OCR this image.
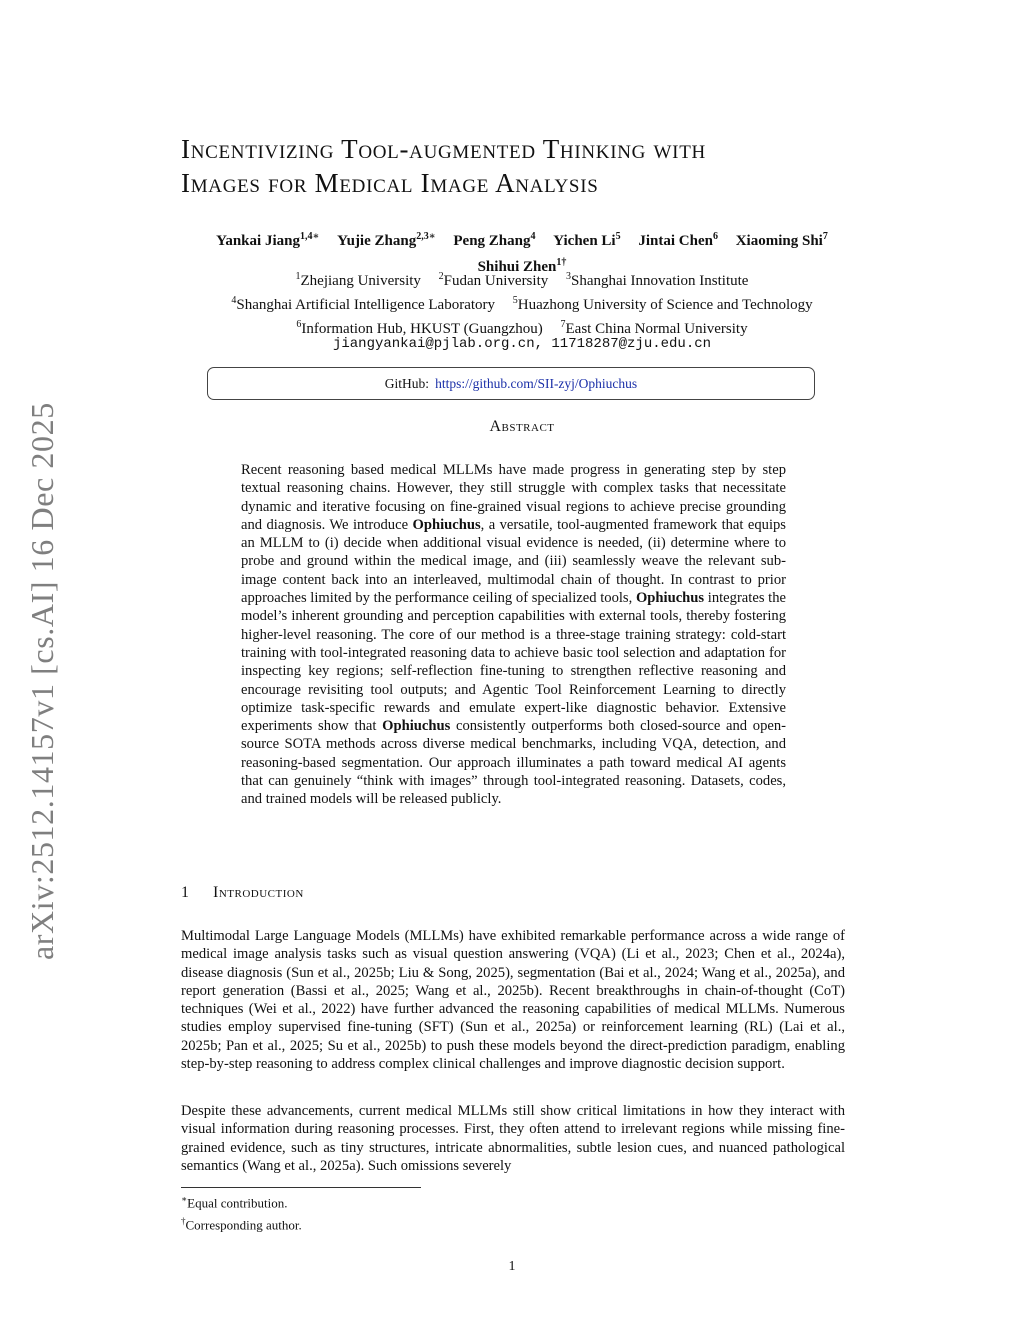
arXiv:2512.14157v1 [cs.AI] 16 Dec 2025
Incentivizing Tool-augmented Thinking with
Images for Medical Image Analysis
Yankai Jiang$^{1,4∗}$ Yujie Zhang$^{2,3∗}$ Peng Zhang$^4$ Yichen Li$^5$ Jintai Chen$^6$ Xiaoming Shi$^7$
Shihui Zhen$^{1\dagger}$
$^1$Zhejiang University $^2$Fudan University $^3$Shanghai Innovation Institute
$^4$Shanghai Artificial Intelligence Laboratory $^5$Huazhong University of Science and Technology
$^6$Information Hub, HKUST (Guangzhou) $^7$East China Normal University
jiangyankai@pjlab.org.cn, 11718287@zju.edu.cn
GitHub: https://github.com/SII-zyj/Ophiuchus
Abstract
Recent reasoning based medical MLLMs have made progress in generating step by step textual reasoning chains. However, they still struggle with complex tasks that necessitate dynamic and iterative focusing on fine-grained visual regions to achieve precise grounding and diagnosis. We introduce Ophiuchus, a versatile, tool-augmented framework that equips an MLLM to (i) decide when additional visual evidence is needed, (ii) determine where to probe and ground within the medical image, and (iii) seamlessly weave the relevant sub-image content back into an interleaved, multimodal chain of thought. In contrast to prior approaches limited by the performance ceiling of specialized tools, Ophiuchus integrates the model’s inherent grounding and perception capabilities with external tools, thereby fostering higher-level reasoning. The core of our method is a three-stage training strategy: cold-start training with tool-integrated reasoning data to achieve basic tool selection and adaptation for inspecting key regions; self-reflection fine-tuning to strengthen reflective reasoning and encourage revisiting tool outputs; and Agentic Tool Reinforcement Learning to directly optimize task-specific rewards and emulate expert-like diagnostic behavior. Extensive experiments show that Ophiuchus consistently outperforms both closed-source and open-source SOTA methods across diverse medical benchmarks, including VQA, detection, and reasoning-based segmentation. Our approach illuminates a path toward medical AI agents that can genuinely “think with images” through tool-integrated reasoning. Datasets, codes, and trained models will be released publicly.
1 Introduction
Multimodal Large Language Models (MLLMs) have exhibited remarkable performance across a wide range of medical image analysis tasks such as visual question answering (VQA) (Li et al., 2023; Chen et al., 2024a), disease diagnosis (Sun et al., 2025b; Liu & Song, 2025), segmentation (Bai et al., 2024; Wang et al., 2025a), and report generation (Bassi et al., 2025; Wang et al., 2025b). Recent breakthroughs in chain-of-thought (CoT) techniques (Wei et al., 2022) have further advanced the reasoning capabilities of medical MLLMs. Numerous studies employ supervised fine-tuning (SFT) (Sun et al., 2025a) or reinforcement learning (RL) (Lai et al., 2025b; Pan et al., 2025; Su et al., 2025b) to push these models beyond the direct-prediction paradigm, enabling step-by-step reasoning to address complex clinical challenges and improve diagnostic decision support.
Despite these advancements, current medical MLLMs still show critical limitations in how they interact with visual information during reasoning processes. First, they often attend to irrelevant regions while missing fine-grained evidence, such as tiny structures, intricate abnormalities, subtle lesion cues, and nuanced pathological semantics (Wang et al., 2025a). Such omissions severely
∗Equal contribution.
†Corresponding author.
1
